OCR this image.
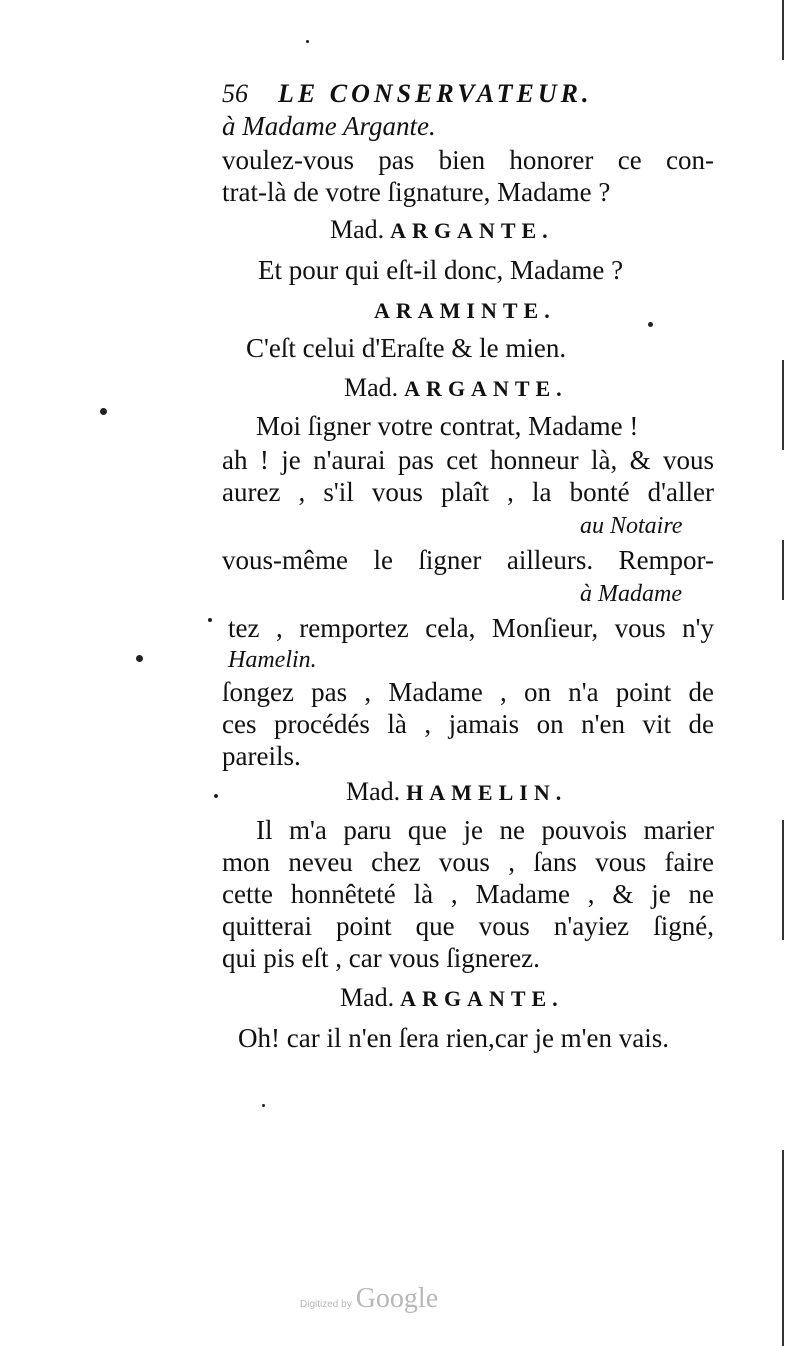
56 LE CONSERVATEUR.
à Madame Argante.
voulez-vous pas bien honorer ce con-
trat-là de votre ſignature, Madame ?
Mad. ARGANTE.
Et pour qui eſt-il donc, Madame ?
ARAMINTE.
C'eſt celui d'Eraſte & le mien.
Mad. ARGANTE.
Moi ſigner votre contrat, Madame !
ah ! je n'aurai pas cet honneur là, & vous
aurez , s'il vous plaît , la bonté d'aller
au Notaire
vous-même le ſigner ailleurs. Rempor-
à Madame
tez , remportez cela, Monſieur, vous n'y
Hamelin.
ſongez pas , Madame , on n'a point de
ces procédés là , jamais on n'en vit de
pareils.
Mad. HAMELIN.
Il m'a paru que je ne pouvois marier
mon neveu chez vous , ſans vous faire
cette honnêteté là , Madame , & je ne
quitterai point que vous n'ayiez ſigné,
qui pis eſt , car vous ſignerez.
Mad. ARGANTE.
Oh! car il n'en ſera rien,car je m'en vais.
Digitized by Google
